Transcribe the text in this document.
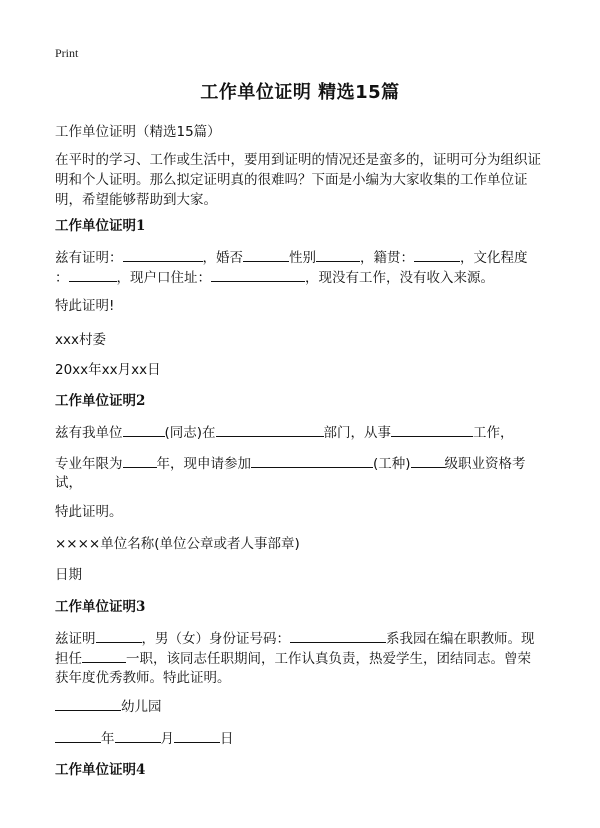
Print
工作单位证明 精选15篇
工作单位证明（精选15篇）
在平时的学习、工作或生活中，要用到证明的情况还是蛮多的，证明可分为组织证明和个人证明。那么拟定证明真的很难吗？下面是小编为大家收集的工作单位证明，希望能够帮助到大家。
工作单位证明1
兹有证明：	，婚否	性别	，籍贯：	，文化程度
：	，现户口住址：	，现没有工作，没有收入来源。
特此证明!
xxx村委
20xx年xx月xx日
工作单位证明2
兹有我单位	(同志)在	部门，从事	工作，
专业年限为	年，现申请参加	(工种)	级职业资格考
试，
特此证明。
××××单位名称(单位公章或者人事部章)
日期
工作单位证明3
兹证明	，男（女）身份证号码：	系我园在编在职教师。现
担任	一职，该同志任职期间，工作认真负责，热爱学生，团结同志。曾荣
获年度优秀教师。特此证明。
幼儿园
年	月	日
工作单位证明4
